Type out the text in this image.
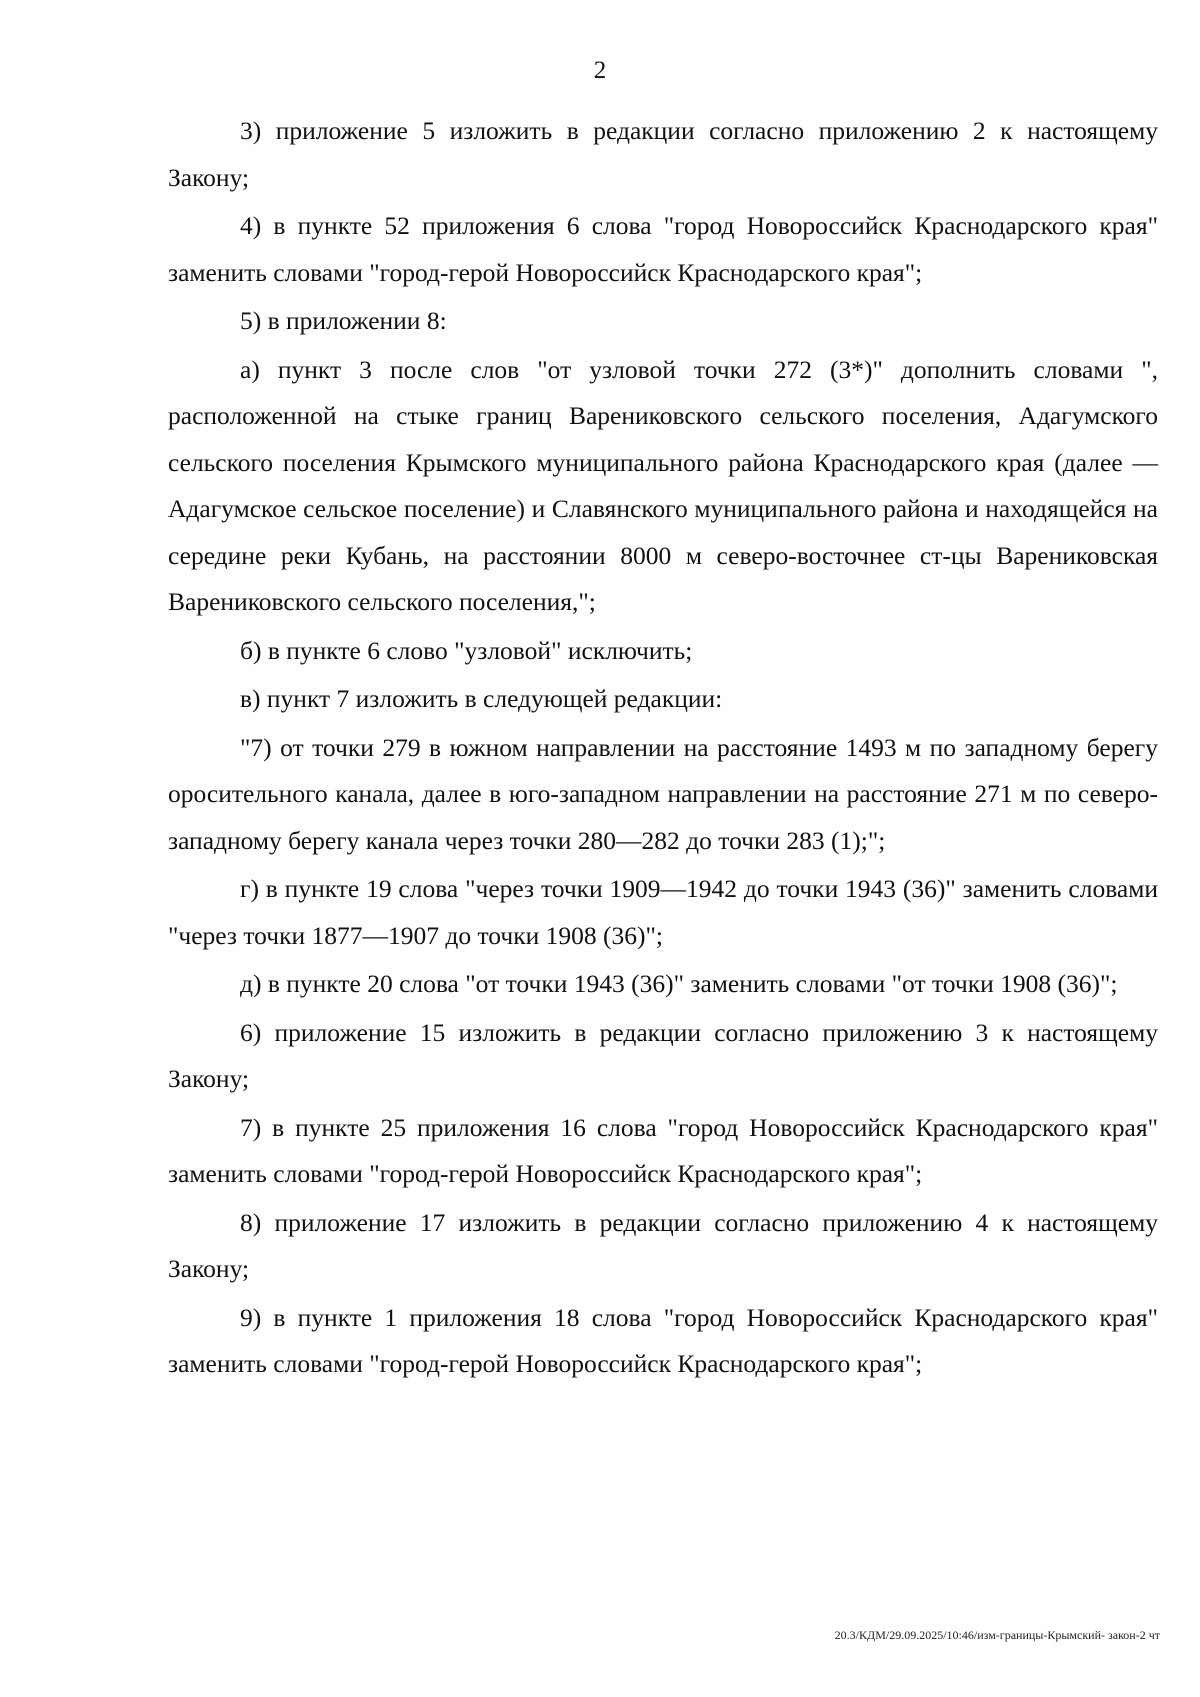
2

3) приложение 5 изложить в редакции согласно приложению 2 к настоящему Закону;

4) в пункте 52 приложения 6 слова "город Новороссийск Краснодарского края" заменить словами "город-герой Новороссийск Краснодарского края";

5) в приложении 8:

а) пункт 3 после слов "от узловой точки 272 (3*)" дополнить словами ", расположенной на стыке границ Варениковского сельского поселения, Адагумского сельского поселения Крымского муниципального района Краснодарского края (далее — Адагумское сельское поселение) и Славянского муниципального района и находящейся на середине реки Кубань, на расстоянии 8000 м северо-восточнее ст-цы Варениковская Варениковского сельского поселения,";

б) в пункте 6 слово "узловой" исключить;

в) пункт 7 изложить в следующей редакции:

"7) от точки 279 в южном направлении на расстояние 1493 м по западному берегу оросительного канала, далее в юго-западном направлении на расстояние 271 м по северо-западному берегу канала через точки 280—282 до точки 283 (1);";

г) в пункте 19 слова "через точки 1909—1942 до точки 1943 (36)" заменить словами "через точки 1877—1907 до точки 1908 (36)";

д) в пункте 20 слова "от точки 1943 (36)" заменить словами "от точки 1908 (36)";

6) приложение 15 изложить в редакции согласно приложению 3 к настоящему Закону;

7) в пункте 25 приложения 16 слова "город Новороссийск Краснодарского края" заменить словами "город-герой Новороссийск Краснодарского края";

8) приложение 17 изложить в редакции согласно приложению 4 к настоящему Закону;

9) в пункте 1 приложения 18 слова "город Новороссийск Краснодарского края" заменить словами "город-герой Новороссийск Краснодарского края";

20.3/КДМ/29.09.2025/10:46/изм-границы-Крымский- закон-2 чт
